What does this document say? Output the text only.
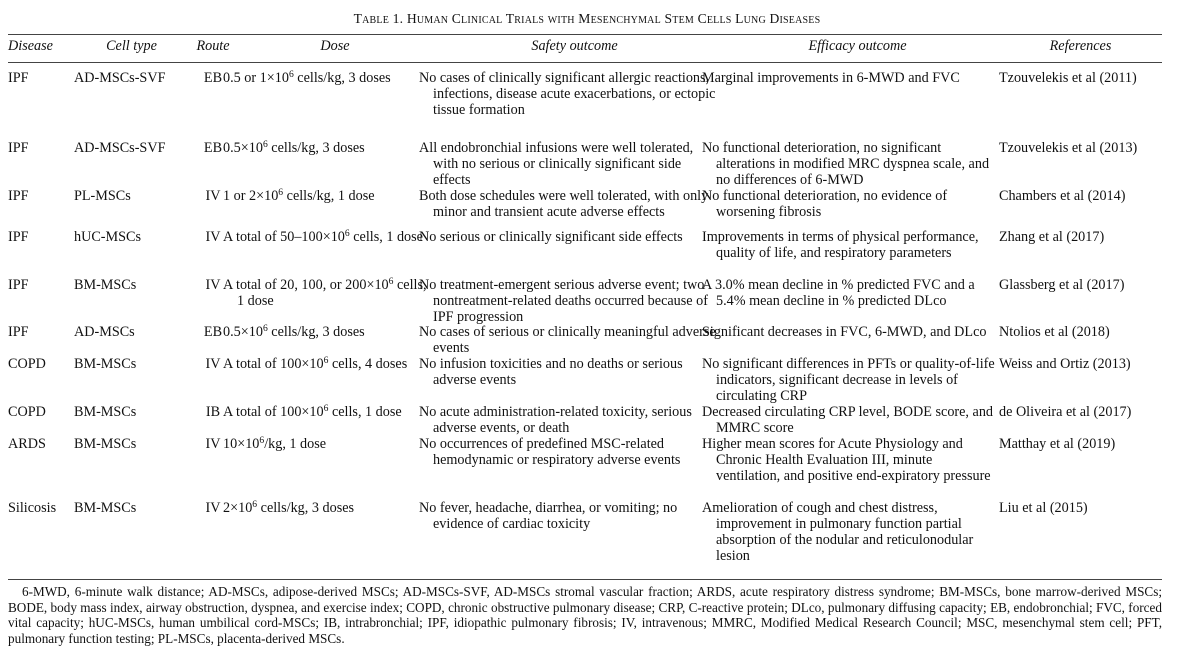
Table 1. Human Clinical Trials with Mesenchymal Stem Cells Lung Diseases
Disease	Cell type	Route	Dose	Safety outcome	Efficacy outcome	References

IPF	AD-MSCs-SVF	EB	0.5 or $1\times 10^6$ cells/kg, 3 doses	No cases of clinically significant allergic reactions, infections, disease acute exacerbations, or ectopic tissue formation	Marginal improvements in 6-MWD and FVC	Tzouvelekis et al (2011)
IPF	AD-MSCs-SVF	EB	$0.5\times 10^6$ cells/kg, 3 doses	All endobronchial infusions were well tolerated, with no serious or clinically significant side effects	No functional deterioration, no significant alterations in modified MRC dyspnea scale, and no differences of 6-MWD	Tzouvelekis et al (2013)
IPF	PL-MSCs	IV	1 or $2\times 10^6$ cells/kg, 1 dose	Both dose schedules were well tolerated, with only minor and transient acute adverse effects	No functional deterioration, no evidence of worsening fibrosis	Chambers et al (2014)
IPF	hUC-MSCs	IV	A total of $50-100\times 10^6$ cells, 1 dose	No serious or clinically significant side effects	Improvements in terms of physical performance, quality of life, and respiratory parameters	Zhang et al (2017)
IPF	BM-MSCs	IV	A total of 20, 100, or $200\times 10^6$ cells, 1 dose	No treatment-emergent serious adverse event; two nontreatment-related deaths occurred because of IPF progression	A 3.0% mean decline in % predicted FVC and a 5.4% mean decline in % predicted DLco	Glassberg et al (2017)
IPF	AD-MSCs	EB	$0.5\times 10^6$ cells/kg, 3 doses	No cases of serious or clinically meaningful adverse events	Significant decreases in FVC, 6-MWD, and DLco	Ntolios et al (2018)
COPD	BM-MSCs	IV	A total of $100\times 10^6$ cells, 4 doses	No infusion toxicities and no deaths or serious adverse events	No significant differences in PFTs or quality-of-life indicators, significant decrease in levels of circulating CRP	Weiss and Ortiz (2013)
COPD	BM-MSCs	IB	A total of $100\times 10^6$ cells, 1 dose	No acute administration-related toxicity, serious adverse events, or death	Decreased circulating CRP level, BODE score, and MMRC score	de Oliveira et al (2017)
ARDS	BM-MSCs	IV	$10\times 10^6/kg$, 1 dose	No occurrences of predefined MSC-related hemodynamic or respiratory adverse events	Higher mean scores for Acute Physiology and Chronic Health Evaluation III, minute ventilation, and positive end-expiratory pressure	Matthay et al (2019)
Silicosis	BM-MSCs	IV	$2\times 10^6$ cells/kg, 3 doses	No fever, headache, diarrhea, or vomiting; no evidence of cardiac toxicity	Amelioration of cough and chest distress, improvement in pulmonary function partial absorption of the nodular and reticulonodular lesion	Liu et al (2015)
6-MWD, 6-minute walk distance; AD-MSCs, adipose-derived MSCs; AD-MSCs-SVF, AD-MSCs stromal vascular fraction; ARDS, acute respiratory distress syndrome; BM-MSCs, bone marrow-derived MSCs; BODE, body mass index, airway obstruction, dyspnea, and exercise index; COPD, chronic obstructive pulmonary disease; CRP, C-reactive protein; DLco, pulmonary diffusing capacity; EB, endobronchial; FVC, forced vital capacity; hUC-MSCs, human umbilical cord-MSCs; IB, intrabronchial; IPF, idiopathic pulmonary fibrosis; IV, intravenous; MMRC, Modified Medical Research Council; MSC, mesenchymal stem cell; PFT, pulmonary function testing; PL-MSCs, placenta-derived MSCs.
